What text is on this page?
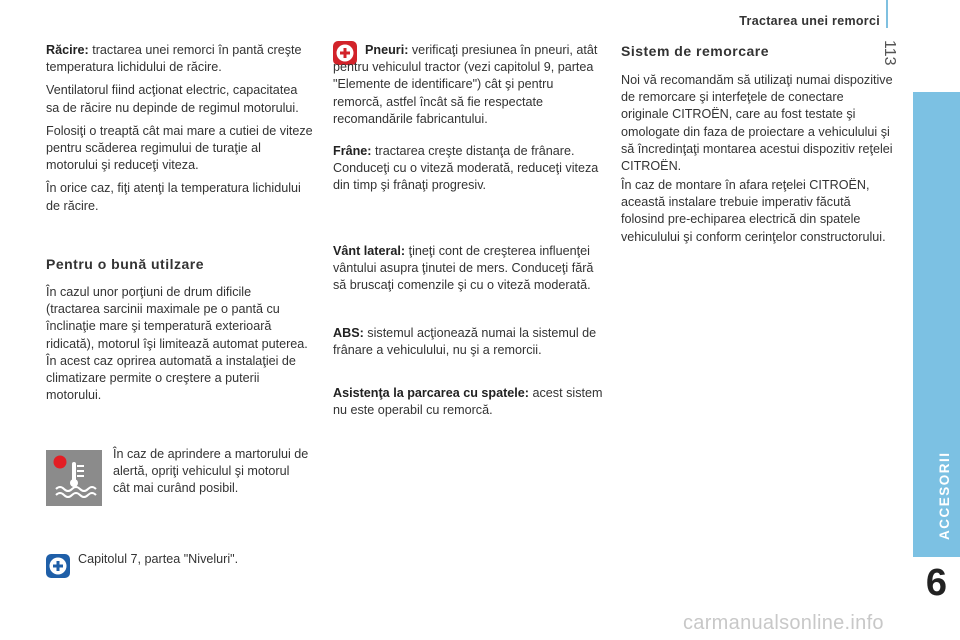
Tractarea unei remorci
113
ACCESORII
6

Răcire: tractarea unei remorci în pantă creşte temperatura lichidului de răcire.

Ventilatorul fiind acţionat electric, capacitatea sa de răcire nu depinde de regimul motorului.

Folosiţi o treaptă cât mai mare a cutiei de viteze pentru scăderea regimului de turaţie al motorului şi reduceţi viteza.

În orice caz, fiţi atenţi la temperatura lichidului de răcire.

Pentru o bună utilzare

În cazul unor porţiuni de drum dificile (tractarea sarcinii maximale pe o pantă cu înclinaţie mare şi temperatură exterioară ridicată), motorul îşi limitează automat puterea. În acest caz oprirea automată a instalaţiei de climatizare permite o creştere a puterii motorului.

În caz de aprindere a martorului de alertă, opriţi vehiculul şi motorul cât mai curând posibil.

Capitolul 7, partea "Niveluri".

Pneuri: verificaţi presiunea în pneuri, atât pentru vehiculul tractor (vezi capitolul 9, partea "Elemente de identificare") cât şi pentru remorcă, astfel încât să fie respectate recomandările fabricantului.

Frâne: tractarea creşte distanţa de frânare. Conduceţi cu o viteză moderată, reduceţi viteza din timp şi frânaţi progresiv.

Vânt lateral: ţineţi cont de creşterea influenţei vântului asupra ţinutei de mers. Conduceţi fără să bruscaţi comenzile şi cu o viteză moderată.

ABS: sistemul acţionează numai la sistemul de frânare a vehiculului, nu şi a remorcii.

Asistenţa la parcarea cu spatele: acest sistem nu este operabil cu remorcă.

Sistem de remorcare

Noi vă recomandăm să utilizaţi numai dispozitive de remorcare şi interfeţele de conectare originale CITROËN, care au fost testate şi omologate din faza de proiectare a vehiculului şi să încredinţaţi montarea acestui dispozitiv reţelei CITROËN.

În caz de montare în afara reţelei CITROËN, această instalare trebuie imperativ făcută folosind pre-echiparea electrică din spatele vehiculului şi conform cerinţelor constructorului.

carmanualsonline.info
